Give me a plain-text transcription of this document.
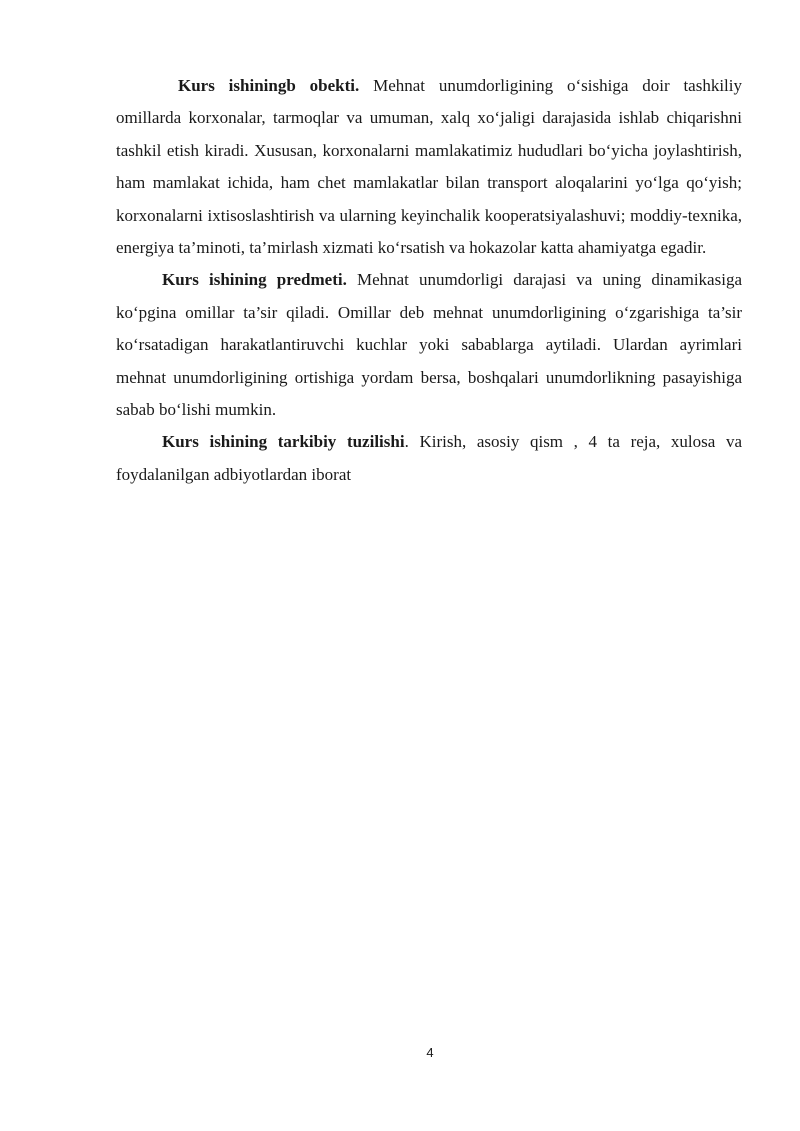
Kurs ishiningb obekti. Mehnat unumdorligining o‘sishiga doir tashkiliy omillarda korxonalar, tarmoqlar va umuman, xalq xo‘jaligi darajasida ishlab chiqarishni tashkil etish kiradi. Xususan, korxonalarni mamlakatimiz hududlari bo‘yicha joylashtirish, ham mamlakat ichida, ham chet mamlakatlar bilan transport aloqalarini yo‘lga qo‘yish; korxonalarni ixtisoslashtirish va ularning keyinchalik kooperatsiyalashuvi; moddiy-texnika, energiya ta’minoti, ta’mirlash xizmati ko‘rsatish va hokazolar katta ahamiyatga egadir.

Kurs ishining predmeti. Mehnat unumdorligi darajasi va uning dinamikasiga ko‘pgina omillar ta’sir qiladi. Omillar deb mehnat unumdorligining o‘zgarishiga ta’sir ko‘rsatadigan harakatlantiruvchi kuchlar yoki sabablarga aytiladi. Ulardan ayrimlari mehnat unumdorligining ortishiga yordam bersa, boshqalari unumdorlikning pasayishiga sabab bo‘lishi mumkin.

Kurs ishining tarkibiy tuzilishi. Kirish, asosiy qism , 4 ta reja, xulosa va foydalanilgan adbiyotlardan iborat

4
